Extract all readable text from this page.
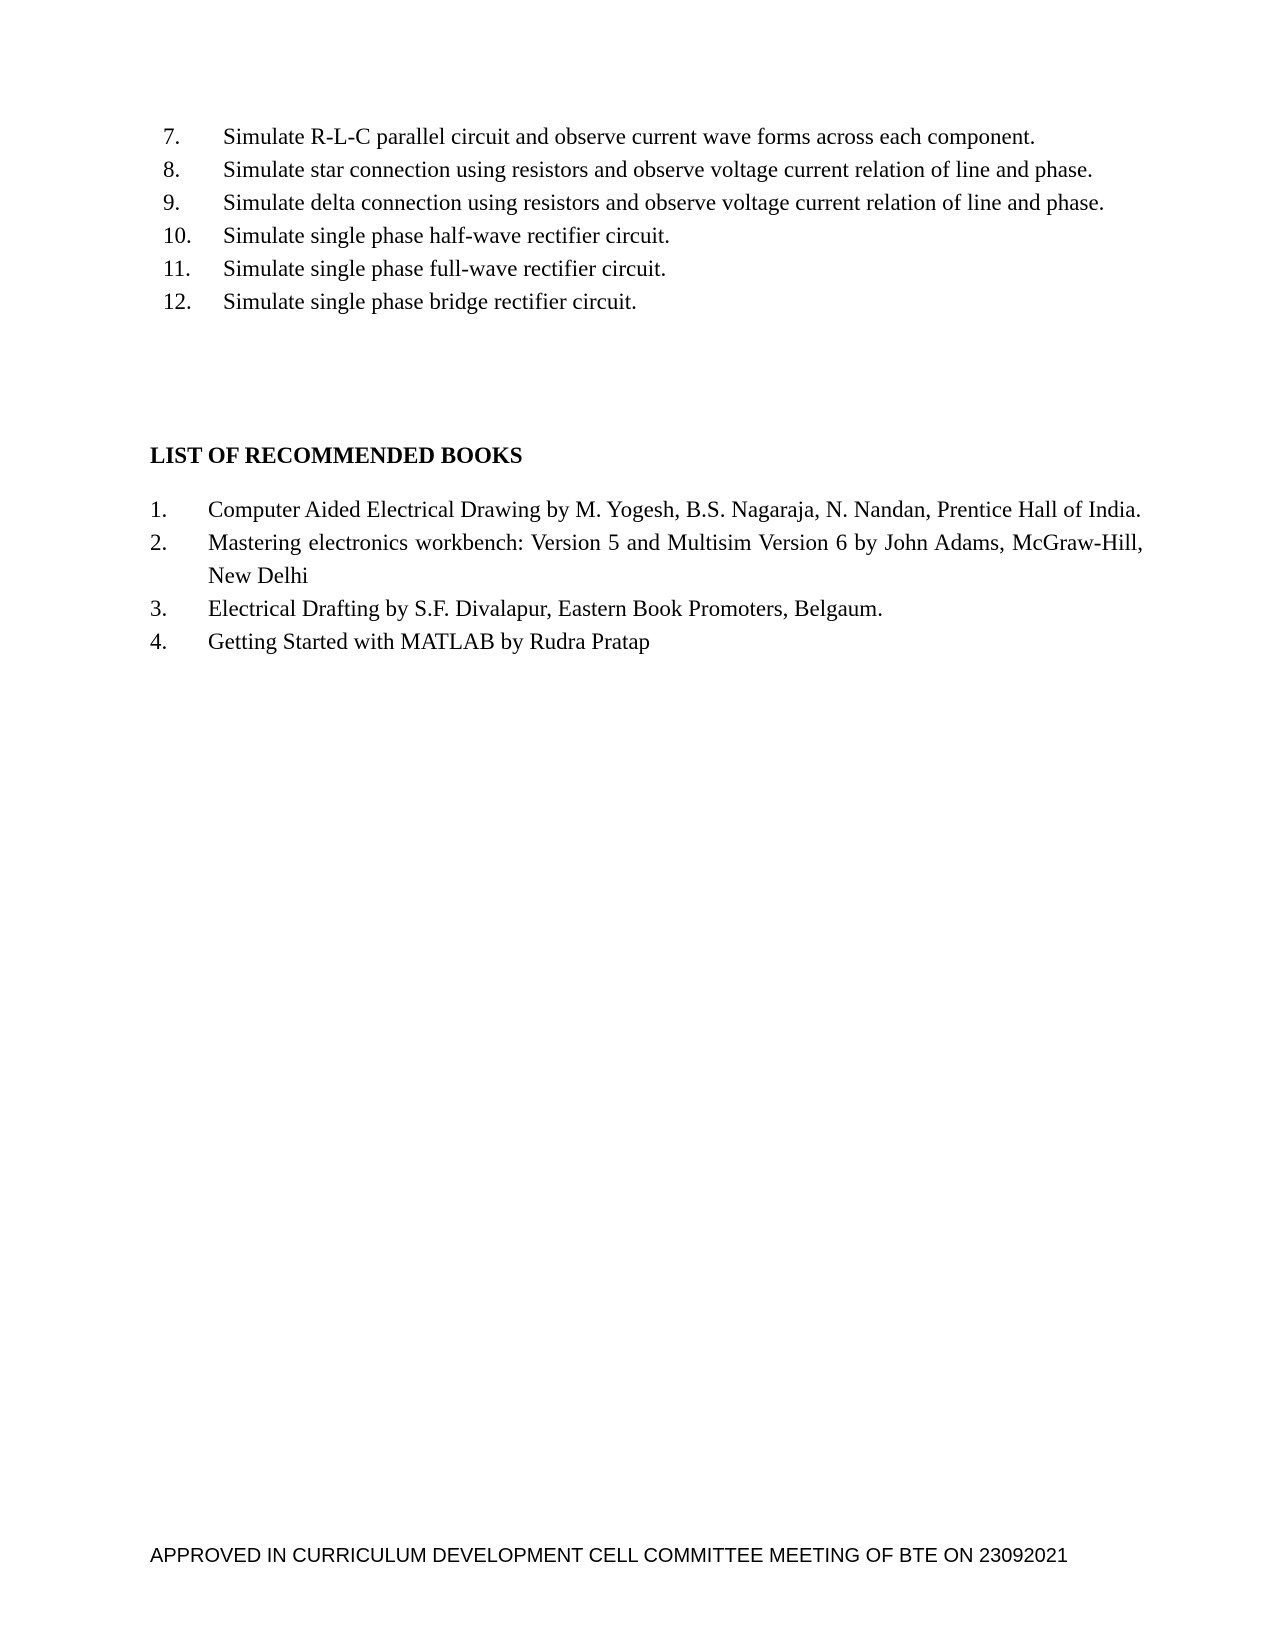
7.	Simulate R-L-C parallel circuit and observe current wave forms across each component.
8.	Simulate star connection using resistors and observe voltage current relation of line and phase.
9.	Simulate delta connection using resistors and observe voltage current relation of line and phase.
10.	Simulate single phase half-wave rectifier circuit.
11.	Simulate single phase full-wave rectifier circuit.
12.	Simulate single phase bridge rectifier circuit.
LIST OF RECOMMENDED BOOKS
1.	Computer Aided Electrical Drawing by M. Yogesh, B.S. Nagaraja, N. Nandan, Prentice Hall of India.
2.	Mastering electronics workbench: Version 5 and Multisim Version 6 by John Adams, McGraw-Hill, New Delhi
3.	Electrical Drafting by S.F. Divalapur, Eastern Book Promoters, Belgaum.
4.	Getting Started with MATLAB by Rudra Pratap
APPROVED IN CURRICULUM DEVELOPMENT CELL COMMITTEE MEETING OF BTE ON 23092021
